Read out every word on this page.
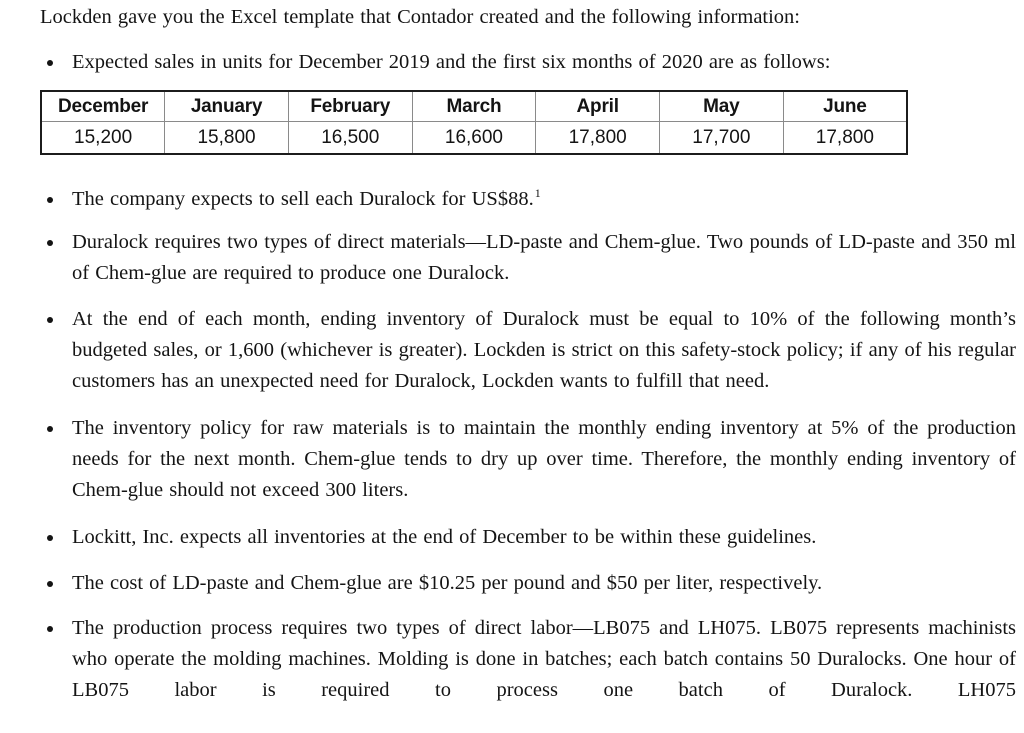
Lockden gave you the Excel template that Contador created and the following information:

Expected sales in units for December 2019 and the first six months of 2020 are as follows:
December	January	February	March	April	May	June
15,200	15,800	16,500	16,600	17,800	17,700	17,800
The company expects to sell each Duralock for US$88.$^1$
Duralock requires two types of direct materials—LD-paste and Chem-glue. Two pounds of LD-paste and 350 ml of Chem-glue are required to produce one Duralock.
At the end of each month, ending inventory of Duralock must be equal to 10% of the following month’s budgeted sales, or 1,600 (whichever is greater). Lockden is strict on this safety-stock policy; if any of his regular customers has an unexpected need for Duralock, Lockden wants to fulfill that need.
The inventory policy for raw materials is to maintain the monthly ending inventory at 5% of the production needs for the next month. Chem-glue tends to dry up over time. Therefore, the monthly ending inventory of Chem-glue should not exceed 300 liters.
Lockitt, Inc. expects all inventories at the end of December to be within these guidelines.
The cost of LD-paste and Chem-glue are $10.25 per pound and $50 per liter, respectively.
The production process requires two types of direct labor—LB075 and LH075. LB075 represents machinists who operate the molding machines. Molding is done in batches; each batch contains 50 Duralocks. One hour of LB075 labor is required to process one batch of Duralock. LH075
